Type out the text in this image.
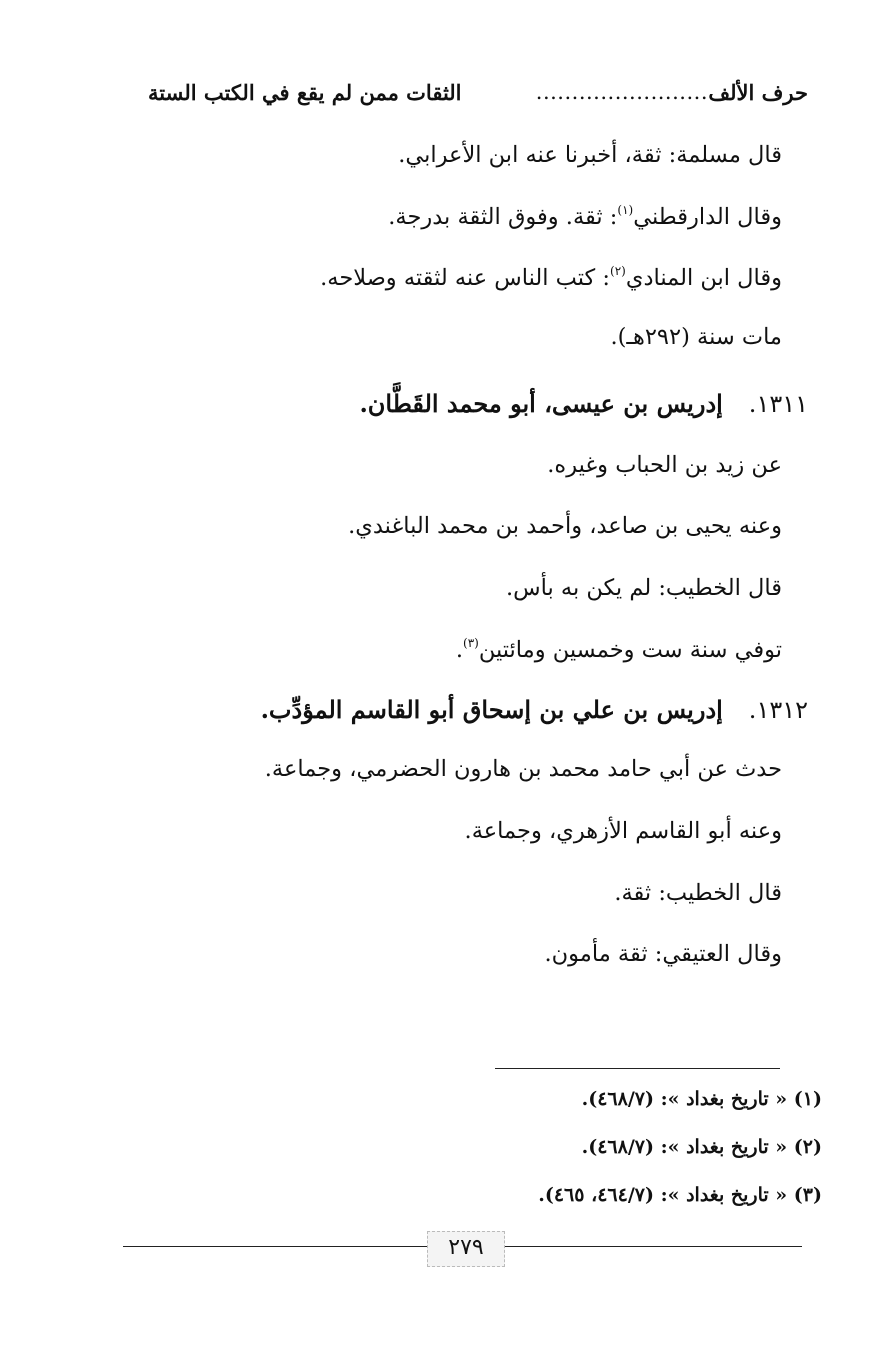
حرف الألف
........................
الثقات ممن لم يقع في الكتب الستة
قال مسلمة: ثقة، أخبرنا عنه ابن الأعرابي.
وقال الدارقطني$^{(١)}$: ثقة. وفوق الثقة بدرجة.
وقال ابن المنادي$^{(٢)}$: كتب الناس عنه لثقته وصلاحه.
مات سنة (٢٩٢هـ).
١٣١١.إدريس بن عيسى، أبو محمد القَطَّان.
عن زيد بن الحباب وغيره.
وعنه يحيى بن صاعد، وأحمد بن محمد الباغندي.
قال الخطيب: لم يكن به بأس.
توفي سنة ست وخمسين ومائتين$^{(٣)}$.
١٣١٢.إدريس بن علي بن إسحاق أبو القاسم المؤدِّب.
حدث عن أبي حامد محمد بن هارون الحضرمي، وجماعة.
وعنه أبو القاسم الأزهري، وجماعة.
قال الخطيب: ثقة.
وقال العتيقي: ثقة مأمون.
(١) « تاريخ بغداد »: (٤٦٨/٧).
(٢) « تاريخ بغداد »: (٤٦٨/٧).
(٣) « تاريخ بغداد »: (٤٦٤/٧، ٤٦٥).
٢٧٩
